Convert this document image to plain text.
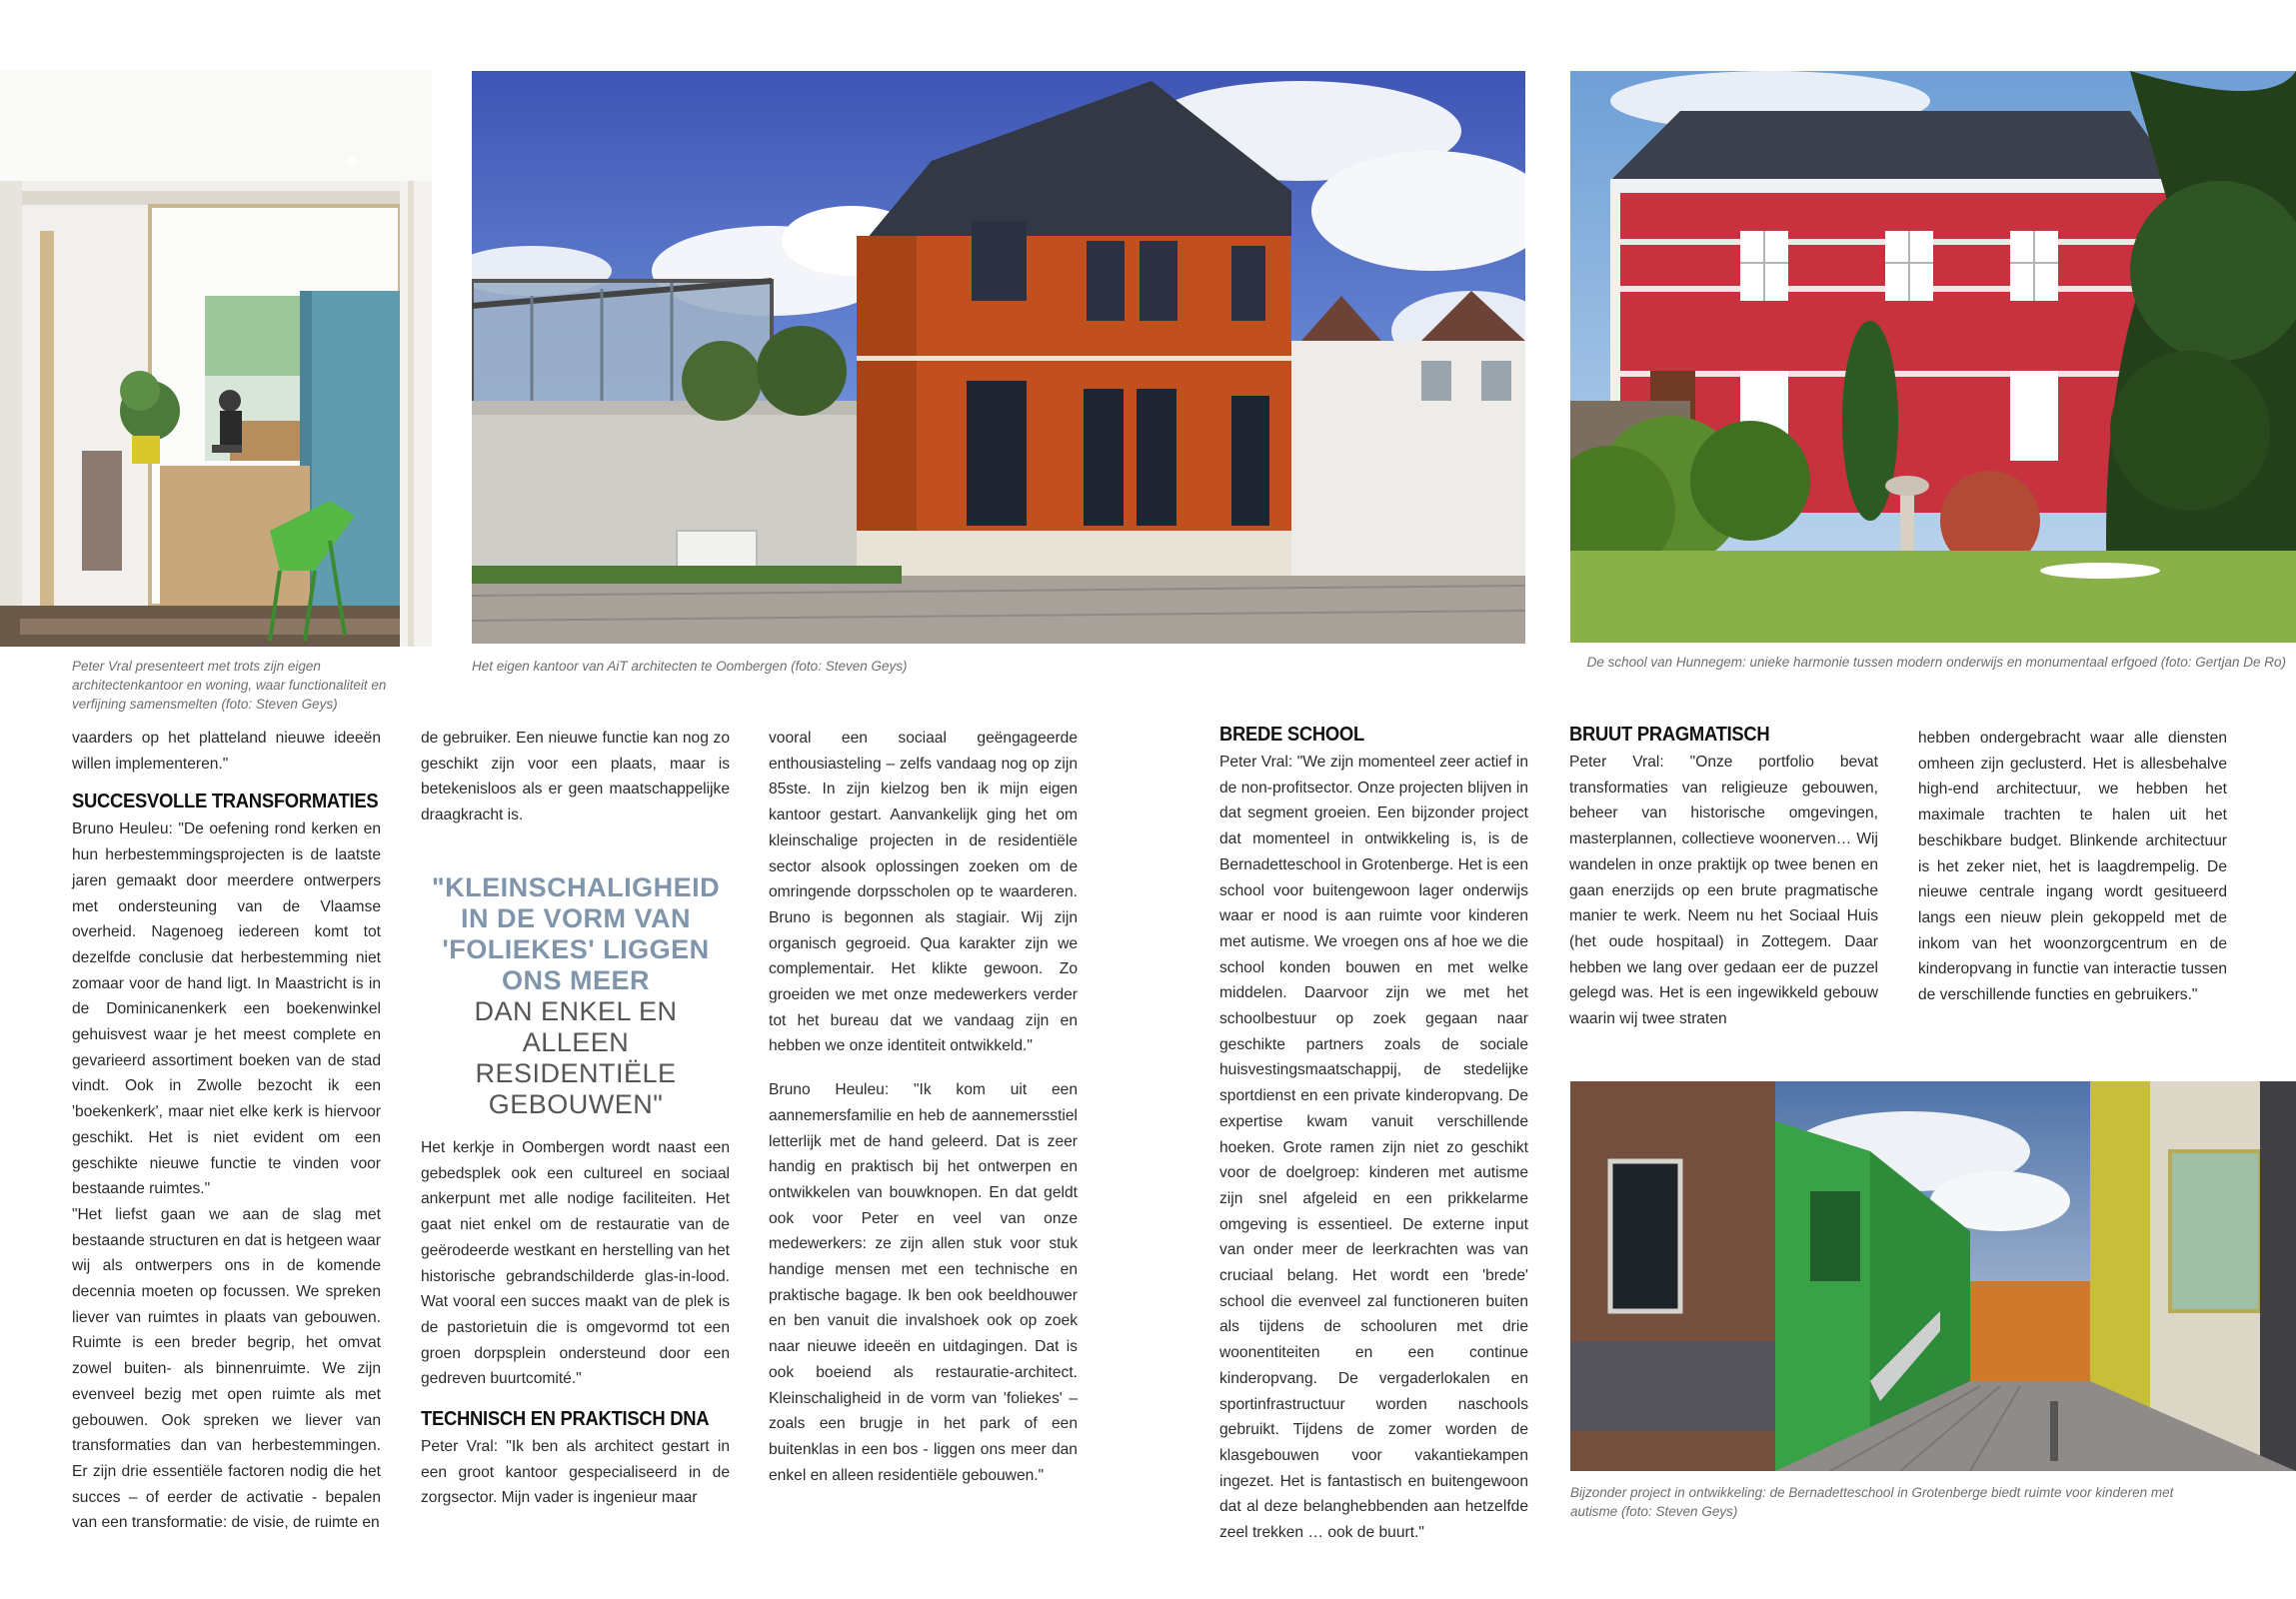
Peter Vral presenteert met trots zijn eigen architectenkantoor en woning, waar functionaliteit en verfijning samensmelten (foto: Steven Geys)
Het eigen kantoor van AiT architecten te Oombergen (foto: Steven Geys)	De school van Hunnegem: unieke harmonie tussen modern onderwijs en monumentaal erfgoed (foto: Gertjan De Ro)
Bijzonder project in ontwikkeling: de Bernadetteschool in Grotenberge biedt ruimte voor kinderen met autisme (foto: Steven Geys)

vaarders op het platteland nieuwe ideeën willen implementeren."

SUCCESVOLLE TRANSFORMATIES

Bruno Heuleu: "De oefening rond kerken en hun herbestemmingsprojecten is de laatste jaren gemaakt door meerdere ontwerpers met ondersteuning van de Vlaamse overheid. Nagenoeg iedereen komt tot dezelfde conclusie dat herbestemming niet zomaar voor de hand ligt. In Maastricht is in de Dominicanenkerk een boekenwinkel gehuisvest waar je het meest complete en gevarieerd assortiment boeken van de stad vindt. Ook in Zwolle bezocht ik een 'boekenkerk', maar niet elke kerk is hiervoor geschikt. Het is niet evident om een geschikte nieuwe functie te vinden voor bestaande ruimtes."

"Het liefst gaan we aan de slag met bestaande structuren en dat is hetgeen waar wij als ontwerpers ons in de komende decennia moeten op focussen. We spreken liever van ruimtes in plaats van gebouwen. Ruimte is een breder begrip, het omvat zowel buiten- als binnenruimte. We zijn evenveel bezig met open ruimte als met gebouwen. Ook spreken we liever van transformaties dan van herbestemmingen. Er zijn drie essentiële factoren nodig die het succes – of eerder de activatie - bepalen van een transformatie: de visie, de ruimte en

de gebruiker. Een nieuwe functie kan nog zo geschikt zijn voor een plaats, maar is betekenisloos als er geen maatschappelijke draagkracht is.

"KLEINSCHALIGHEID IN DE VORM VAN 'FOLIEKES' LIGGEN ONS MEER
DAN ENKEL EN ALLEEN RESIDENTIËLE GEBOUWEN"

Het kerkje in Oombergen wordt naast een gebedsplek ook een cultureel en sociaal ankerpunt met alle nodige faciliteiten. Het gaat niet enkel om de restauratie van de geërodeerde westkant en herstelling van het historische gebrandschilderde glas-in-lood. Wat vooral een succes maakt van de plek is de pastorietuin die is omgevormd tot een groen dorpsplein ondersteund door een gedreven buurtcomité."

TECHNISCH EN PRAKTISCH DNA

Peter Vral: "Ik ben als architect gestart in een groot kantoor gespecialiseerd in de zorgsector. Mijn vader is ingenieur maar

vooral een sociaal geëngageerde enthousiasteling – zelfs vandaag nog op zijn 85ste. In zijn kielzog ben ik mijn eigen kantoor gestart. Aanvankelijk ging het om kleinschalige projecten in de residentiële sector alsook oplossingen zoeken om de omringende dorpsscholen op te waarderen. Bruno is begonnen als stagiair. Wij zijn organisch gegroeid. Qua karakter zijn we complementair. Het klikte gewoon. Zo groeiden we met onze medewerkers verder tot het bureau dat we vandaag zijn en hebben we onze identiteit ontwikkeld."

Bruno Heuleu: "Ik kom uit een aannemersfamilie en heb de aannemersstiel letterlijk met de hand geleerd. Dat is zeer handig en praktisch bij het ontwerpen en ontwikkelen van bouwknopen. En dat geldt ook voor Peter en veel van onze medewerkers: ze zijn allen stuk voor stuk handige mensen met een technische en praktische bagage. Ik ben ook beeldhouwer en ben vanuit die invalshoek ook op zoek naar nieuwe ideeën en uitdagingen. Dat is ook boeiend als restauratie-architect. Kleinschaligheid in de vorm van 'foliekes' – zoals een brugje in het park of een buitenklas in een bos - liggen ons meer dan enkel en alleen residentiële gebouwen."

BREDE SCHOOL

Peter Vral: "We zijn momenteel zeer actief in de non-profitsector. Onze projecten blijven in dat segment groeien. Een bijzonder project dat momenteel in ontwikkeling is, is de Bernadetteschool in Grotenberge. Het is een school voor buitengewoon lager onderwijs waar er nood is aan ruimte voor kinderen met autisme. We vroegen ons af hoe we die school konden bouwen en met welke middelen. Daarvoor zijn we met het schoolbestuur op zoek gegaan naar geschikte partners zoals de sociale huisvestingsmaatschappij, de stedelijke sportdienst en een private kinderopvang. De expertise kwam vanuit verschillende hoeken. Grote ramen zijn niet zo geschikt voor de doelgroep: kinderen met autisme zijn snel afgeleid en een prikkelarme omgeving is essentieel. De externe input van onder meer de leerkrachten was van cruciaal belang. Het wordt een 'brede' school die evenveel zal functioneren buiten als tijdens de schooluren met drie woonentiteiten en een continue kinderopvang. De vergaderlokalen en sportinfrastructuur worden naschools gebruikt. Tijdens de zomer worden de klasgebouwen voor vakantiekampen ingezet. Het is fantastisch en buitengewoon dat al deze belanghebbenden aan hetzelfde zeel trekken … ook de buurt."

BRUUT PRAGMATISCH

Peter Vral: "Onze portfolio bevat transformaties van religieuze gebouwen, beheer van historische omgevingen, masterplannen, collectieve woonerven… Wij wandelen in onze praktijk op twee benen en gaan enerzijds op een brute pragmatische manier te werk. Neem nu het Sociaal Huis (het oude hospitaal) in Zottegem. Daar hebben we lang over gedaan eer de puzzel gelegd was. Het is een ingewikkeld gebouw waarin wij twee straten

hebben ondergebracht waar alle diensten omheen zijn geclusterd. Het is allesbehalve high-end architectuur, we hebben het maximale trachten te halen uit het beschikbare budget. Blinkende architectuur is het zeker niet, het is laagdrempelig. De nieuwe centrale ingang wordt gesitueerd langs een nieuw plein gekoppeld met de inkom van het woonzorgcentrum en de kinderopvang in functie van interactie tussen de verschillende functies en gebruikers."
